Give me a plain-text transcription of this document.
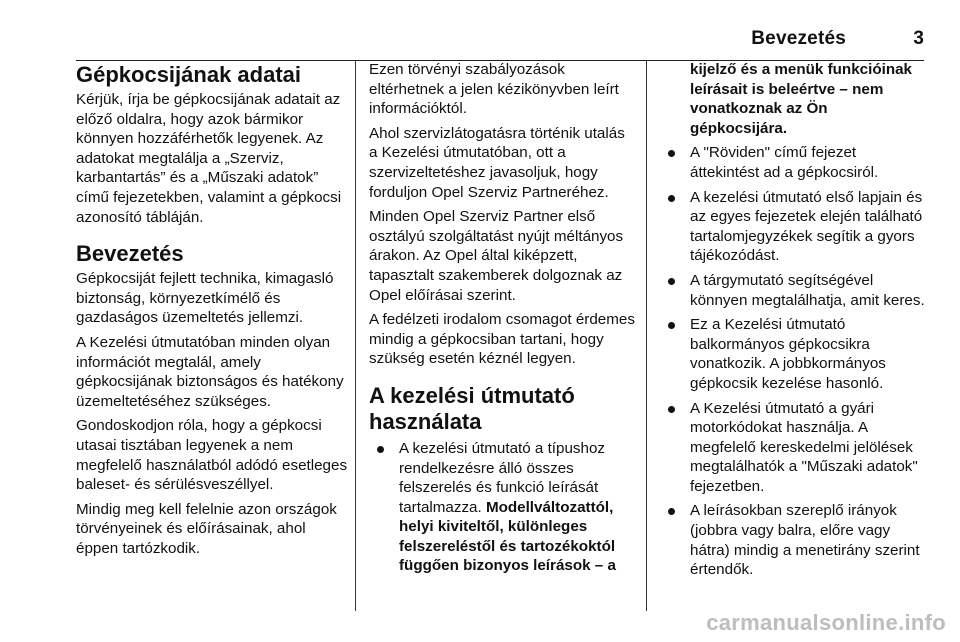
Bevezetés	3
Gépkocsijának adatai

Kérjük, írja be gépkocsijának adatait az előző oldalra, hogy azok bármikor könnyen hozzáférhetők legyenek. Az adatokat megtalálja a „Szerviz, karbantartás” és a „Műszaki adatok” című fejezetekben, valamint a gépkocsi azonosító tábláján.

Bevezetés

Gépkocsiját fejlett technika, kimagasló biztonság, környezetkímélő és gazdaságos üzemeltetés jellemzi.

A Kezelési útmutatóban minden olyan információt megtalál, amely gépkocsijának biztonságos és hatékony üzemeltetéséhez szükséges.

Gondoskodjon róla, hogy a gépkocsi utasai tisztában legyenek a nem megfelelő használatból adódó esetleges baleset- és sérülésveszéllyel.

Mindig meg kell felelnie azon országok törvényeinek és előírásainak, ahol éppen tartózkodik.

Ezen törvényi szabályozások eltérhetnek a jelen kézikönyvben leírt információktól.

Ahol szervizlátogatásra történik utalás a Kezelési útmutatóban, ott a szervizeltetéshez javasoljuk, hogy forduljon Opel Szerviz Partneréhez.

Minden Opel Szerviz Partner első osztályú szolgáltatást nyújt méltányos árakon. Az Opel által kiképzett, tapasztalt szakemberek dolgoznak az Opel előírásai szerint.

A fedélzeti irodalom csomagot érdemes mindig a gépkocsiban tartani, hogy szükség esetén kéznél legyen.

A kezelési útmutató használata
A kezelési útmutató a típushoz rendelkezésre álló összes felszerelés és funkció leírását tartalmazza. Modellváltozattól, helyi kiviteltől, különleges felszereléstől és tartozékoktól függően bizonyos leírások – a

kijelző és a menük funkcióinak leírásait is beleértve – nem vonatkoznak az Ön gépkocsijára.

A "Röviden" című fejezet áttekintést ad a gépkocsiról.
A kezelési útmutató első lapjain és az egyes fejezetek elején található tartalomjegyzékek segítik a gyors tájékozódást.
A tárgymutató segítségével könnyen megtalálhatja, amit keres.
Ez a Kezelési útmutató balkormányos gépkocsikra vonatkozik. A jobbkormányos gépkocsik kezelése hasonló.
A Kezelési útmutató a gyári motorkódokat használja. A megfelelő kereskedelmi jelölések megtalálhatók a "Műszaki adatok" fejezetben.
A leírásokban szereplő irányok (jobbra vagy balra, előre vagy hátra) mindig a menetirány szerint értendők.
carmanualsonline.info
